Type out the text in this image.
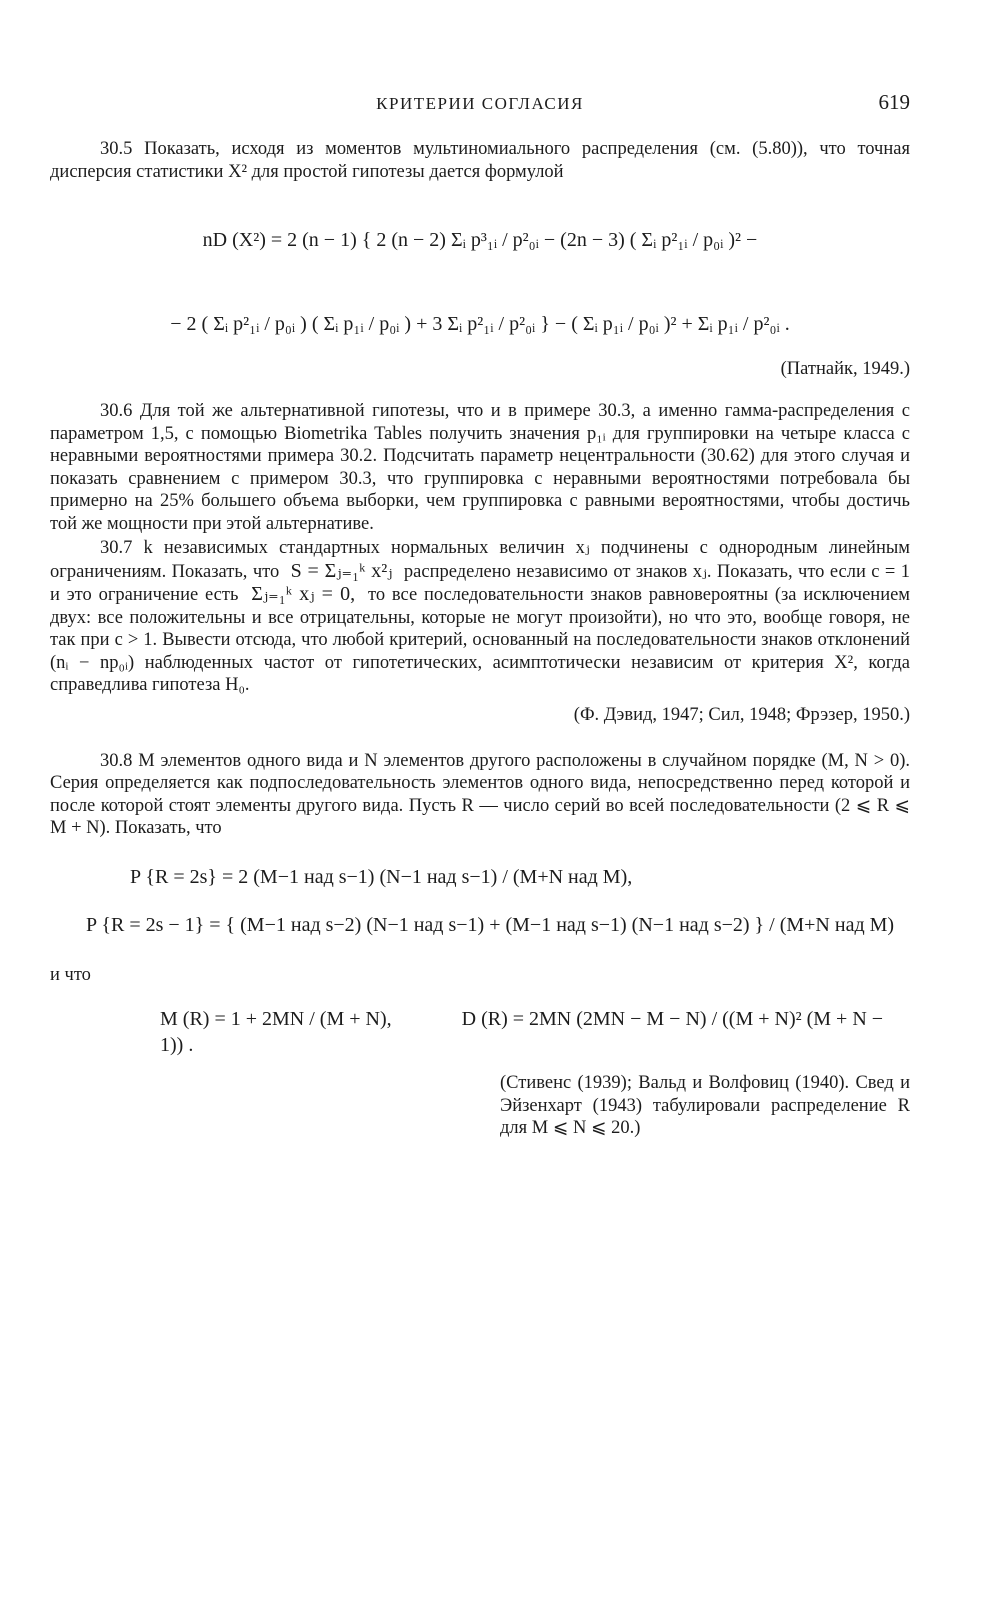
КРИТЕРИИ СОГЛАСИЯ	619

30.5 Показать, исходя из моментов мультиномиального распределения (см. (5.80)), что точная дисперсия статистики X² для простой гипотезы дается формулой

nD (X²) = 2 (n − 1) { 2 (n − 2) Σᵢ p³₁ᵢ / p²₀ᵢ − (2n − 3) ( Σᵢ p²₁ᵢ / p₀ᵢ )² −
− 2 ( Σᵢ p²₁ᵢ / p₀ᵢ ) ( Σᵢ p₁ᵢ / p₀ᵢ ) + 3 Σᵢ p²₁ᵢ / p²₀ᵢ } − ( Σᵢ p₁ᵢ / p₀ᵢ )² + Σᵢ p₁ᵢ / p²₀ᵢ .
(Патнайк, 1949.)

30.6 Для той же альтернативной гипотезы, что и в примере 30.3, а именно гамма-распределения с параметром 1,5, с помощью Biometrika Tables получить значения p₁ᵢ для группировки на четыре класса с неравными вероятностями примера 30.2. Подсчитать параметр нецентральности (30.62) для этого случая и показать сравнением с примером 30.3, что группировка с неравными вероятностями потребовала бы примерно на 25% большего объема выборки, чем группировка с равными вероятностями, чтобы достичь той же мощности при этой альтернативе.

30.7 k независимых стандартных нормальных величин xⱼ подчинены c однородным линейным ограничениям. Показать, что S = Σⱼ₌₁ᵏ x²ⱼ распределено независимо от знаков xⱼ. Показать, что если c = 1 и это ограничение есть Σⱼ₌₁ᵏ xⱼ = 0, то все последовательности знаков равновероятны (за исключением двух: все положительны и все отрицательны, которые не могут произойти), но что это, вообще говоря, не так при c > 1. Вывести отсюда, что любой критерий, основанный на последовательности знаков отклонений (nᵢ − np₀ᵢ) наблюденных частот от гипотетических, асимптотически независим от критерия X², когда справедлива гипотеза H₀.

(Ф. Дэвид, 1947; Сил, 1948; Фрэзер, 1950.)

30.8 M элементов одного вида и N элементов другого расположены в случайном порядке (M, N > 0). Серия определяется как подпоследовательность элементов одного вида, непосредственно перед которой и после которой стоят элементы другого вида. Пусть R — число серий во всей последовательности (2 ⩽ R ⩽ M + N). Показать, что

P {R = 2s} = 2 (M−1 над s−1) (N−1 над s−1) / (M+N над M),
P {R = 2s − 1} = { (M−1 над s−2) (N−1 над s−1) + (M−1 над s−1) (N−1 над s−2) } / (M+N над M)

и что

M (R) = 1 + 2MN / (M + N),	D (R) = 2MN (2MN − M − N) / ((M + N)² (M + N − 1)) .
(Стивенс (1939); Вальд и Волфовиц (1940). Свед и Эйзенхарт (1943) табулировали распределение R для M ⩽ N ⩽ 20.)
